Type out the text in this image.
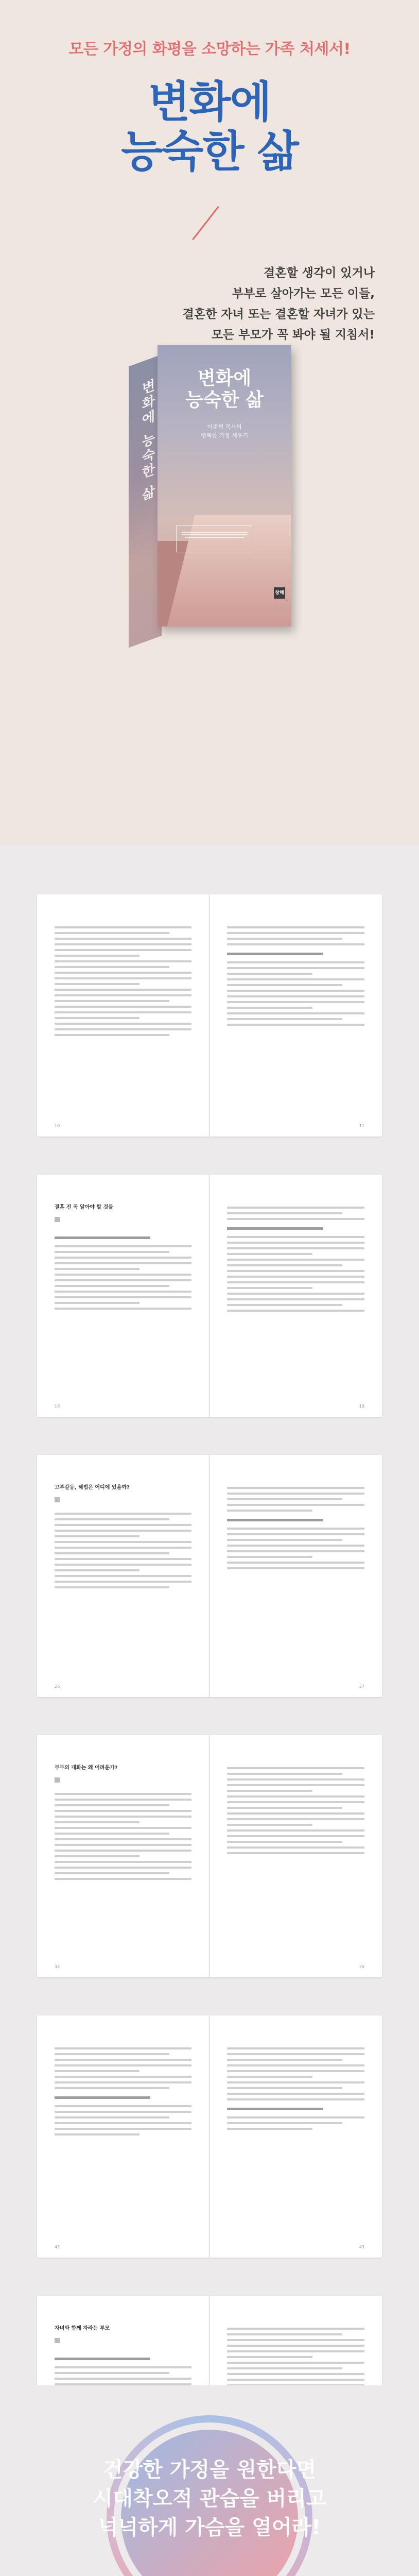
모든 가정의 화평을 소망하는 가족 처세서!
변화에
능숙한 삶
결혼할 생각이 있거나
부부로 살아가는 모든 이들,
결혼한 자녀 또는 결혼할 자녀가 있는
모든 부모가 꼭 봐야 될 지침서!
변화에 능숙한 삶	변화에
능숙한 삶
이준혁 목사의
행복한 가정 세우기
창해
10	11
결혼 전 꼭 알아야 할 것들
18	19
고부갈등, 해법은 어디에 있을까?
26	27
부부의 대화는 왜 어려운가?
34	35
42	43
자녀와 함께 자라는 부모
건강한 가정을 원한다면
시대착오적 관습을 버리고
넉넉하게 가슴을 열어라!
